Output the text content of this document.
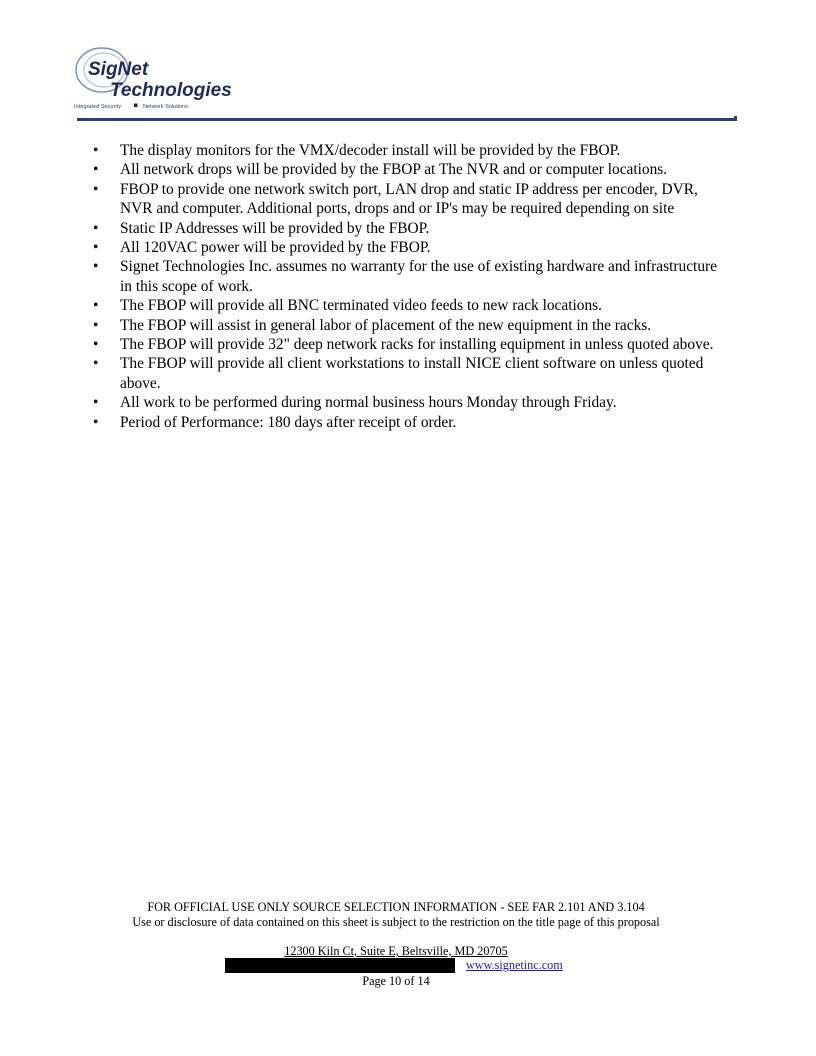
SigNet
Technologies
Integrated Security	Network Solutions
• The display monitors for the VMX/decoder install will be provided by the FBOP.
• All network drops will be provided by the FBOP at The NVR and or computer locations.
• FBOP to provide one network switch port, LAN drop and static IP address per encoder, DVR, NVR and computer. Additional ports, drops and or IP's may be required depending on site
• Static IP Addresses will be provided by the FBOP.
• All 120VAC power will be provided by the FBOP.
• Signet Technologies Inc. assumes no warranty for the use of existing hardware and infrastructure in this scope of work.
• The FBOP will provide all BNC terminated video feeds to new rack locations.
• The FBOP will assist in general labor of placement of the new equipment in the racks.
• The FBOP will provide 32" deep network racks for installing equipment in unless quoted above.
• The FBOP will provide all client workstations to install NICE client software on unless quoted above.
• All work to be performed during normal business hours Monday through Friday.
• Period of Performance: 180 days after receipt of order.
FOR OFFICIAL USE ONLY SOURCE SELECTION INFORMATION - SEE FAR 2.101 AND 3.104
Use or disclosure of data contained on this sheet is subject to the restriction on the title page of this proposal
12300 Kiln Ct, Suite E, Beltsville, MD 20705
www.signetinc.com
Page 10 of 14
